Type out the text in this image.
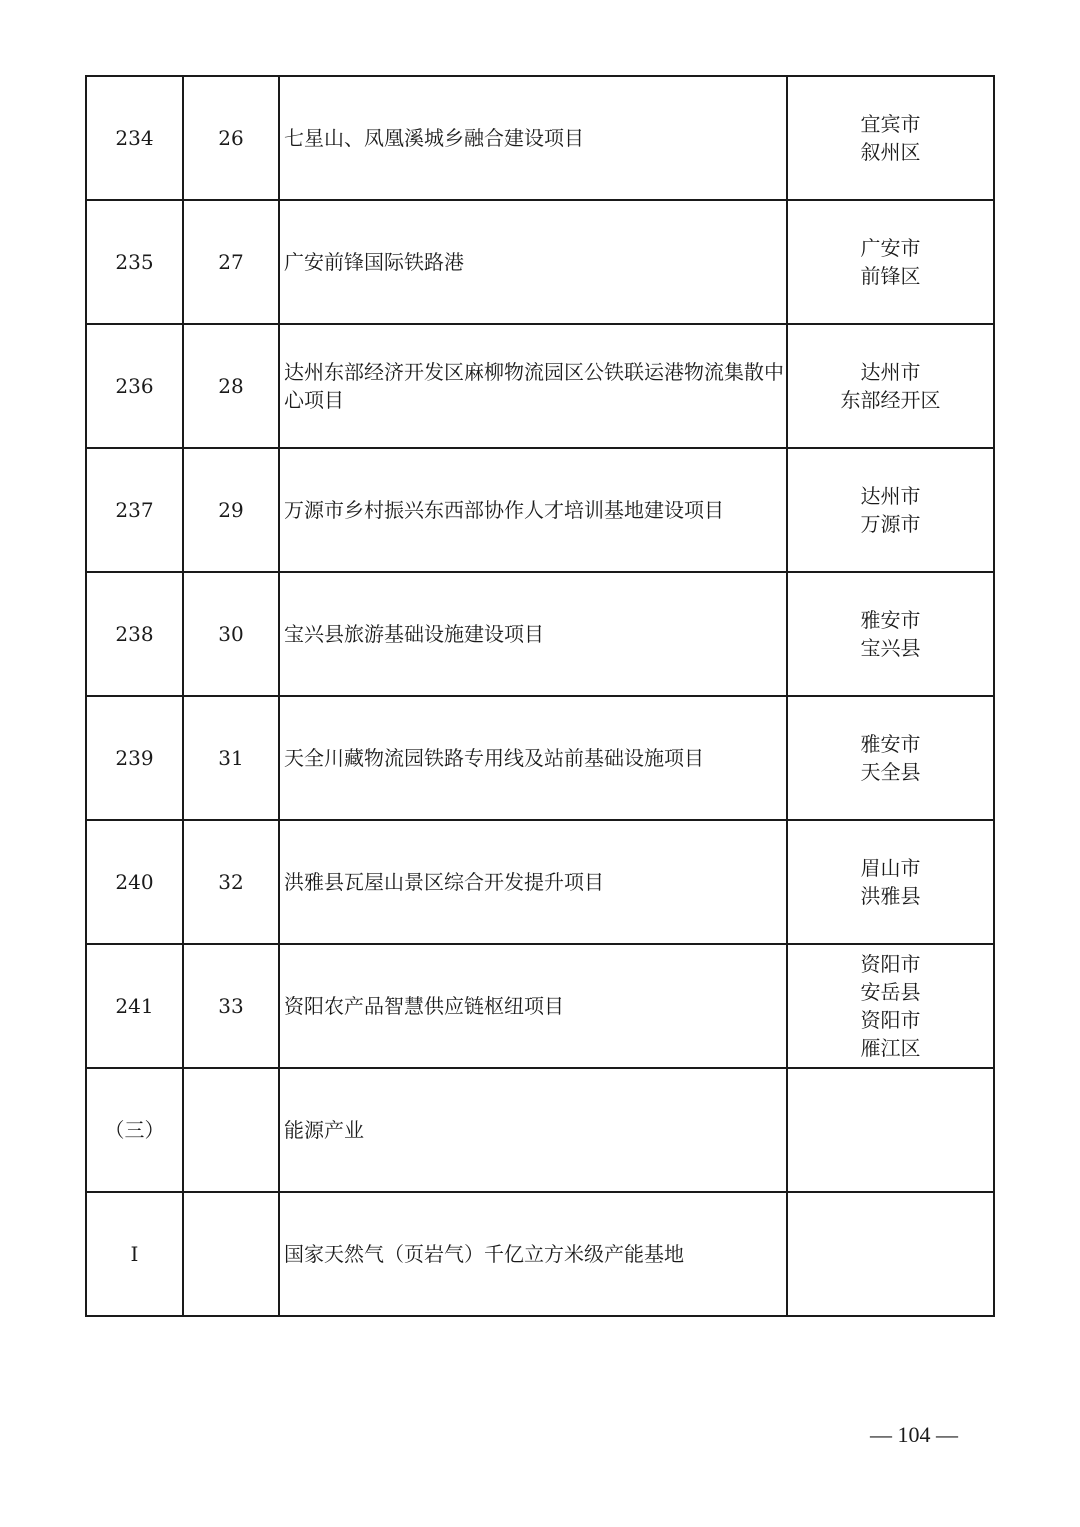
234	26	七星山、凤凰溪城乡融合建设项目	宜宾市
叙州区

235	27	广安前锋国际铁路港	广安市
前锋区

236	28	达州东部经济开发区麻柳物流园区公铁联运港物流集散中心项目	达州市
东部经开区

237	29	万源市乡村振兴东西部协作人才培训基地建设项目	达州市
万源市

238	30	宝兴县旅游基础设施建设项目	雅安市
宝兴县

239	31	天全川藏物流园铁路专用线及站前基础设施项目	雅安市
天全县

240	32	洪雅县瓦屋山景区综合开发提升项目	眉山市
洪雅县

241	33	资阳农产品智慧供应链枢纽项目	资阳市
安岳县
资阳市
雁江区

（三）		能源产业	
Ⅰ		国家天然气（页岩气）千亿立方米级产能基地	
— 104 —
